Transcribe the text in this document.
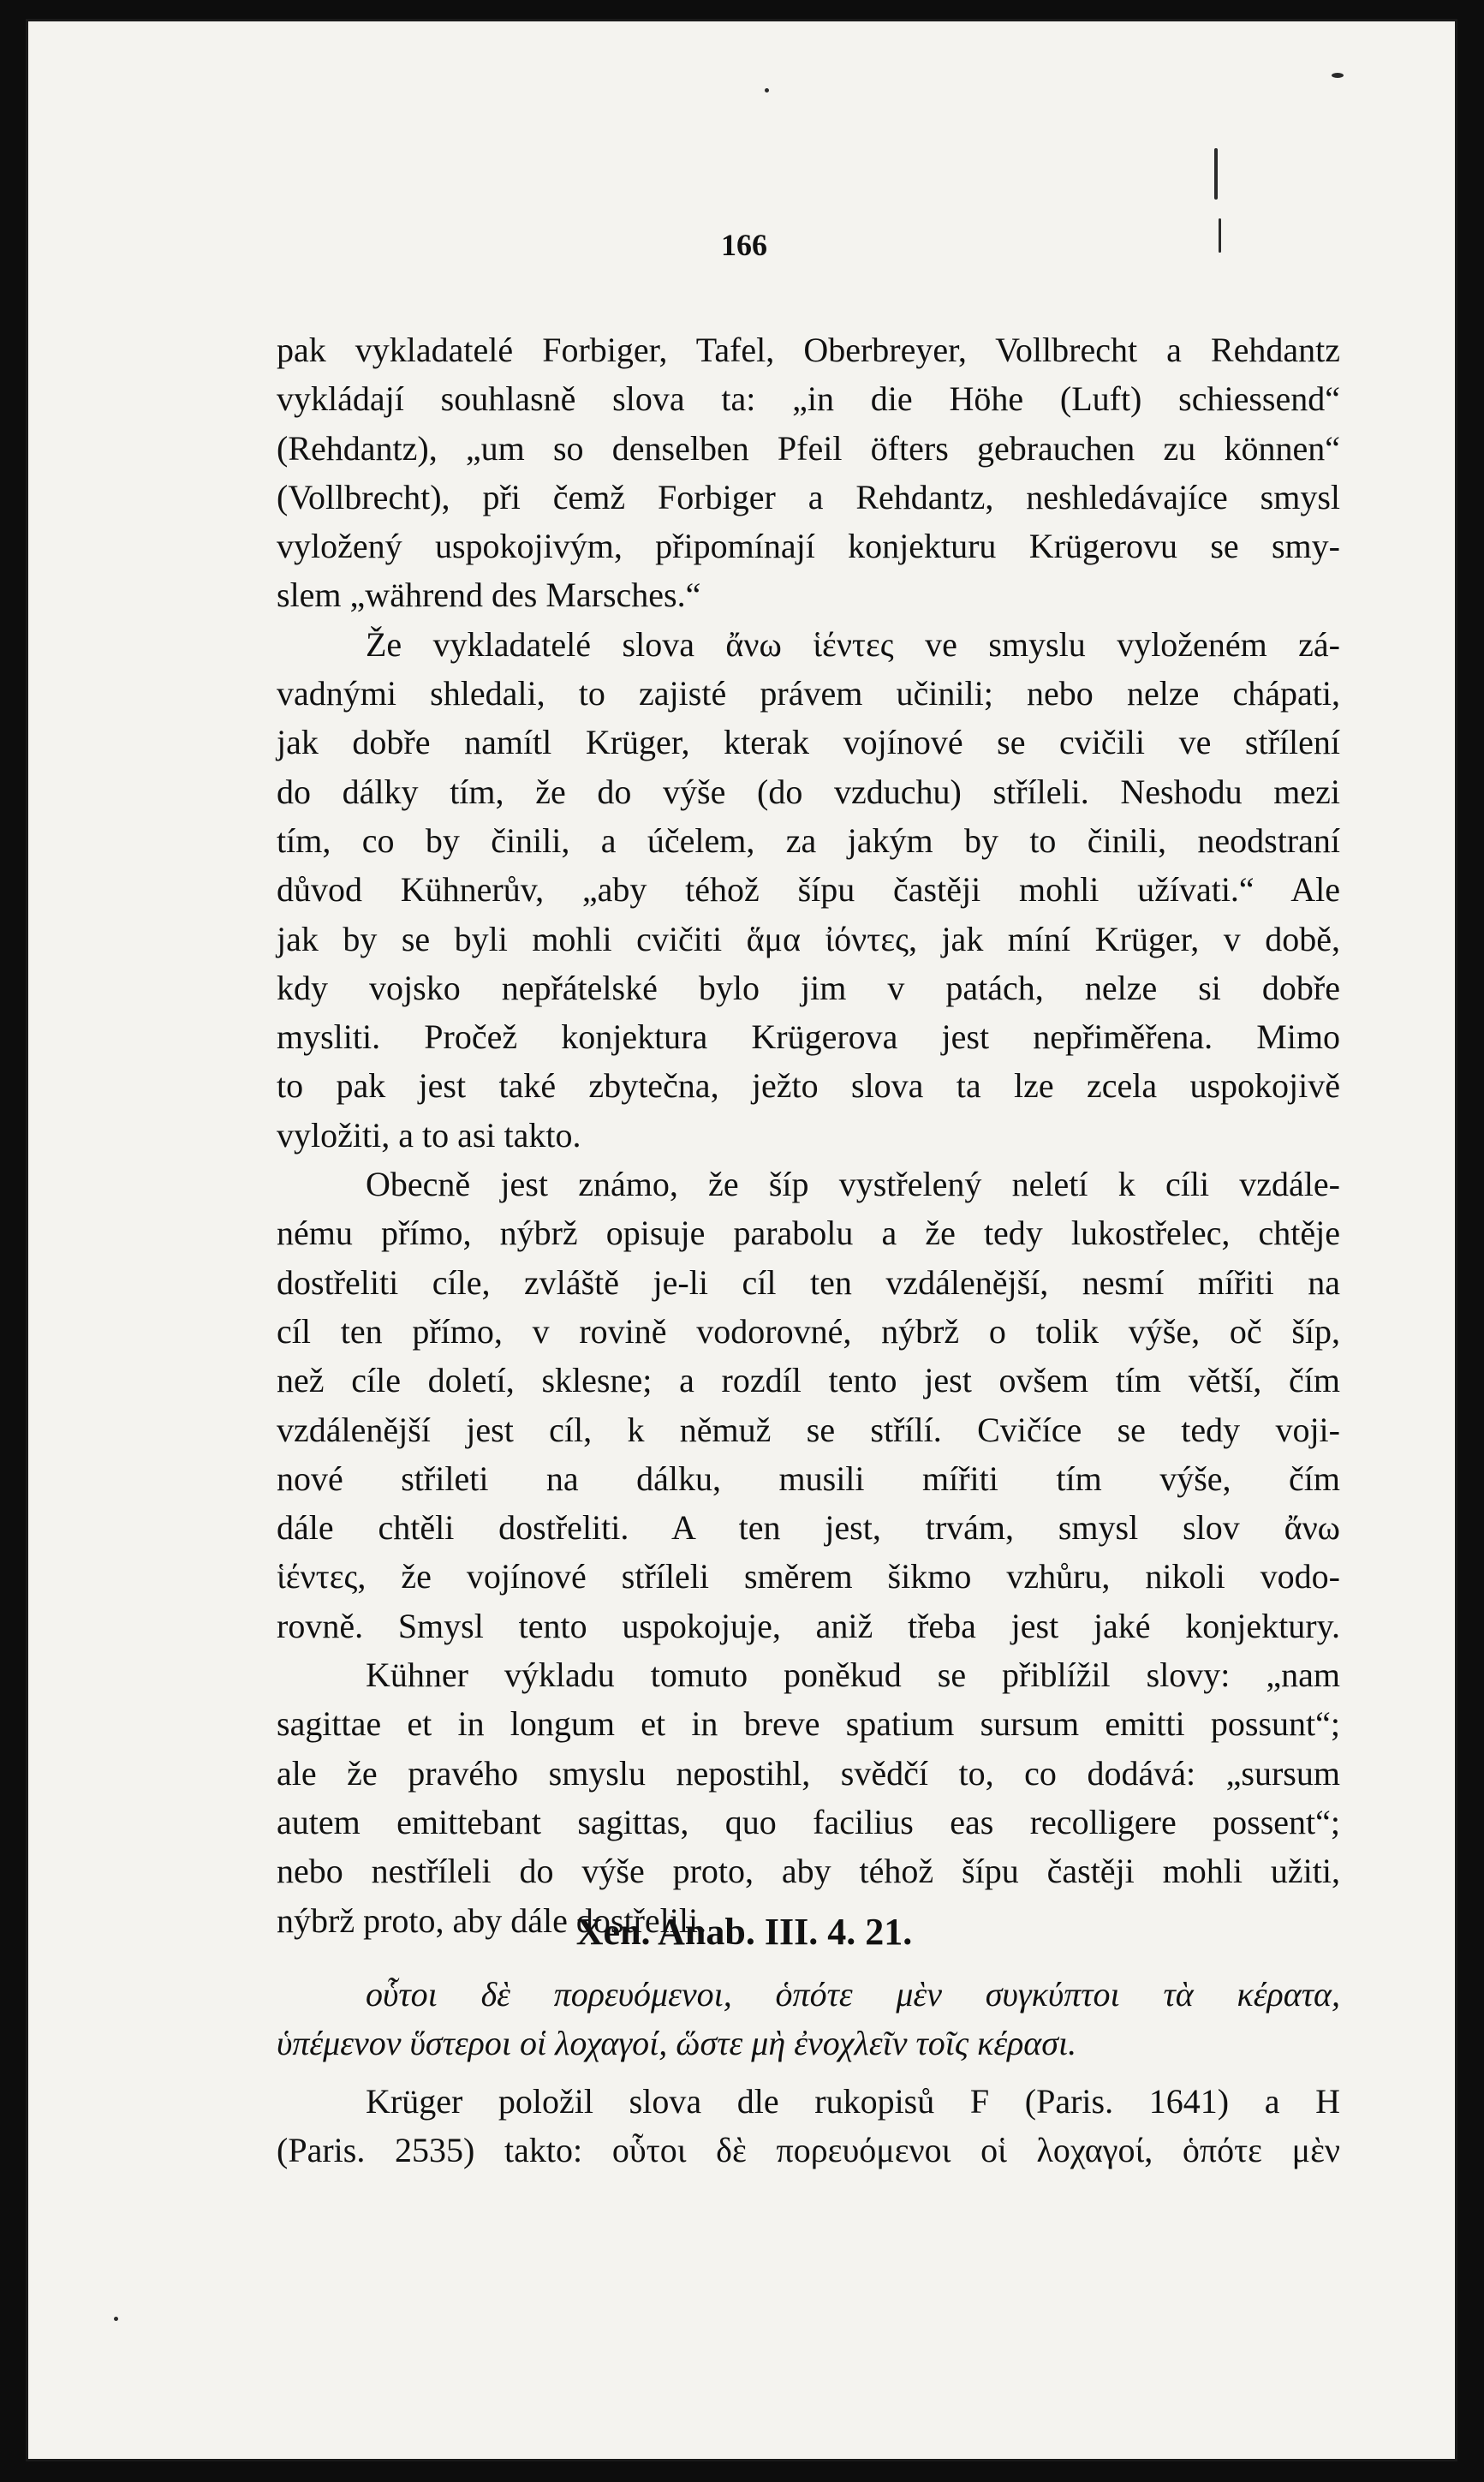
166
pak vykladatelé Forbiger, Tafel, Oberbreyer, Vollbrecht a Rehdantz
vykládají souhlasně slova ta: „in die Höhe (Luft) schiessend“
(Rehdantz), „um so denselben Pfeil öfters gebrauchen zu können“
(Vollbrecht), při čemž Forbiger a Rehdantz, neshledávajíce smysl
vyložený uspokojivým, připomínají konjekturu Krügerovu se smy-
slem „während des Marsches.“
Že vykladatelé slova ἄνω ἱέντες ve smyslu vyloženém zá-
vadnými shledali, to zajisté právem učinili; nebo nelze chápati,
jak dobře namítl Krüger, kterak vojínové se cvičili ve střílení
do dálky tím, že do výše (do vzduchu) stříleli. Neshodu mezi
tím, co by činili, a účelem, za jakým by to činili, neodstraní
důvod Kühnerův, „aby téhož šípu častěji mohli užívati.“ Ale
jak by se byli mohli cvičiti ἅμα ἰόντες, jak míní Krüger, v době,
kdy vojsko nepřátelské bylo jim v patách, nelze si dobře
mysliti. Pročež konjektura Krügerova jest nepřiměřena. Mimo
to pak jest také zbytečna, ježto slova ta lze zcela uspokojivě
vyložiti, a to asi takto.
Obecně jest známo, že šíp vystřelený neletí k cíli vzdále-
nému přímo, nýbrž opisuje parabolu a že tedy lukostřelec, chtěje
dostřeliti cíle, zvláště je-li cíl ten vzdálenější, nesmí mířiti na
cíl ten přímo, v rovině vodorovné, nýbrž o tolik výše, oč šíp,
než cíle doletí, sklesne; a rozdíl tento jest ovšem tím větší, čím
vzdálenější jest cíl, k němuž se střílí. Cvičíce se tedy voji-
nové střileti na dálku, musili mířiti tím výše, čím
dále chtěli dostřeliti. A ten jest, trvám, smysl slov ἄνω
ἱέντες, že vojínové stříleli směrem šikmo vzhůru, nikoli vodo-
rovně. Smysl tento uspokojuje, aniž třeba jest jaké konjektury.
Kühner výkladu tomuto poněkud se přiblížil slovy: „nam
sagittae et in longum et in breve spatium sursum emitti possunt“;
ale že pravého smyslu nepostihl, svědčí to, co dodává: „sursum
autem emittebant sagittas, quo facilius eas recolligere possent“;
nebo nestříleli do výše proto, aby téhož šípu častěji mohli užiti,
nýbrž proto, aby dále dostřelili.
Xen. Anab. III. 4. 21.
οὗτοι δὲ πορευόμενοι, ὁπότε μὲν συγκύπτοι τὰ κέρατα,
ὑπέμενον ὕστεροι οἱ λοχαγοί, ὥστε μὴ ἐνοχλεῖν τοῖς κέρασι.
Krüger položil slova dle rukopisů F (Paris. 1641) a H
(Paris. 2535) takto: οὗτοι δὲ πορευόμενοι οἱ λοχαγοί, ὁπότε μὲν
